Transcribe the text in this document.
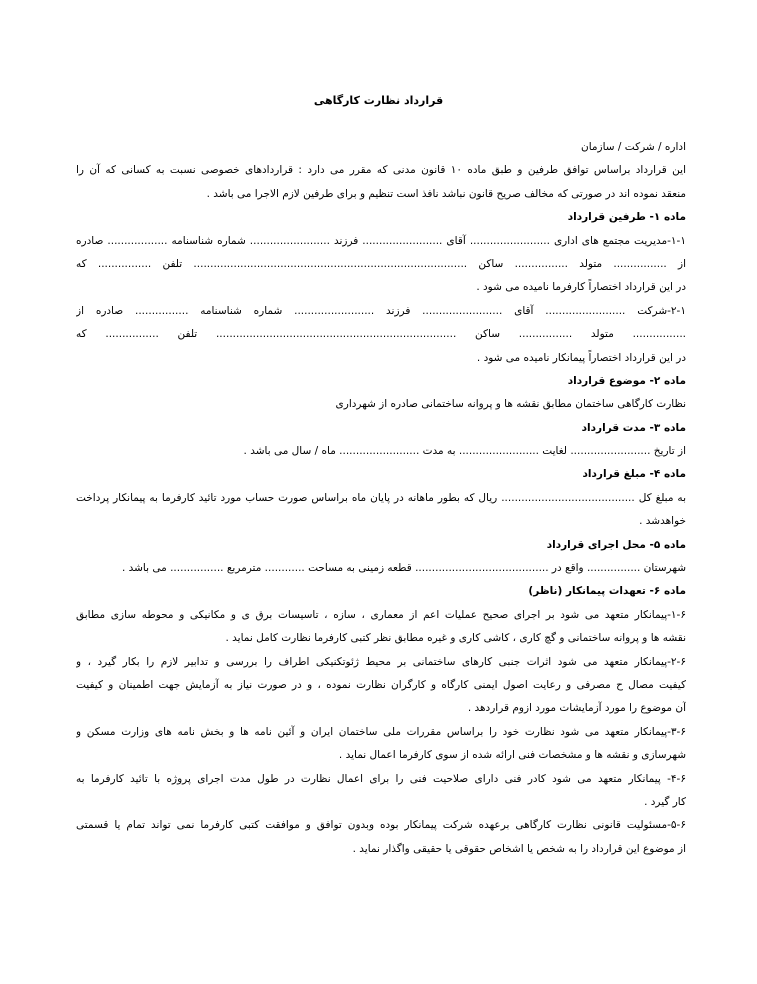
قرارداد نظارت کارگاهی
اداره / شرکت / سازمان
این قرارداد براساس توافق طرفین و طبق ماده ۱۰ قانون مدنی که مقرر می دارد : قراردادهای خصوصی نسبت به کسانی که آن را
منعقد نموده اند در صورتی که مخالف صریح قانون نباشد نافذ است تنظیم و برای طرفین لازم الاجرا می باشد .
ماده ۱- طرفین قرارداد
۱-۱-مدیریت مجتمع های اداری ........................ آقای ........................ فرزند ........................ شماره شناسنامه .................. صادره
از ................ متولد ................ ساکن .................................................................................. تلفن ................ که
در این قرارداد اختصاراً کارفرما نامیده می شود .
۲-۱-شرکت ........................ آقای ........................ فرزند ........................ شماره شناسنامه ................ صادره از
................ متولد ................ ساکن ........................................................................ تلفن ................ که
در این قرارداد اختصاراً پیمانکار نامیده می شود .
ماده ۲- موضوع قرارداد
نظارت کارگاهی ساختمان مطابق نقشه ها و پروانه ساختمانی صادره از شهرداری
ماده ۳- مدت قرارداد
از تاریخ ........................ لغایت ........................ به مدت ........................ ماه / سال می باشد .
ماده ۴- مبلغ قرارداد
به مبلغ کل ........................................ ریال که بطور ماهانه در پایان ماه براساس صورت حساب مورد تائید کارفرما به پیمانکار پرداخت
خواهدشد .
ماده ۵- محل اجرای قرارداد
شهرستان ................ واقع در ........................................ قطعه زمینی به مساحت ............ مترمربع ................ می باشد .
ماده ۶- تعهدات پیمانکار (ناظر)
۱-۶-پیمانکار متعهد می شود بر اجرای صحیح عملیات اعم از معماری ، سازه ، تاسیسات برق ی و مکانیکی و محوطه سازی مطابق
نقشه ها و پروانه ساختمانی و گچ کاری ، کاشی کاری و غیره مطابق نظر کتبی کارفرما نظارت کامل نماید .
۲-۶-پیمانکار متعهد می شود اثرات جنبی کارهای ساختمانی بر محیط ژئوتکنیکی اطراف را بررسی و تدابیر لازم را بکار گیرد ، و
کیفیت مصال ح مصرفی و رعایت اصول ایمنی کارگاه و کارگران نظارت نموده ، و در صورت نیاز به آزمایش جهت اطمینان و کیفیت
آن موضوع را مورد آزمایشات مورد ازوم قراردهد .
۳-۶-پیمانکار متعهد می شود نظارت خود را براساس مقررات ملی ساختمان ایران و آئین نامه ها و بخش نامه های وزارت مسکن و
شهرسازی و نقشه ها و مشخصات فنی ارائه شده از سوی کارفرما اعمال نماید .
۴-۶- پیمانکار متعهد می شود کادر فنی دارای صلاحیت فنی را برای اعمال نظارت در طول مدت اجرای پروژه با تائید کارفرما به
کار گیرد .
۵-۶-مسئولیت قانونی نظارت کارگاهی برعهده شرکت پیمانکار بوده وبدون توافق و موافقت کتبی کارفرما نمی تواند تمام یا قسمتی
از موضوع این قرارداد را به شخص یا اشخاص حقوقی یا حقیقی واگذار نماید .
